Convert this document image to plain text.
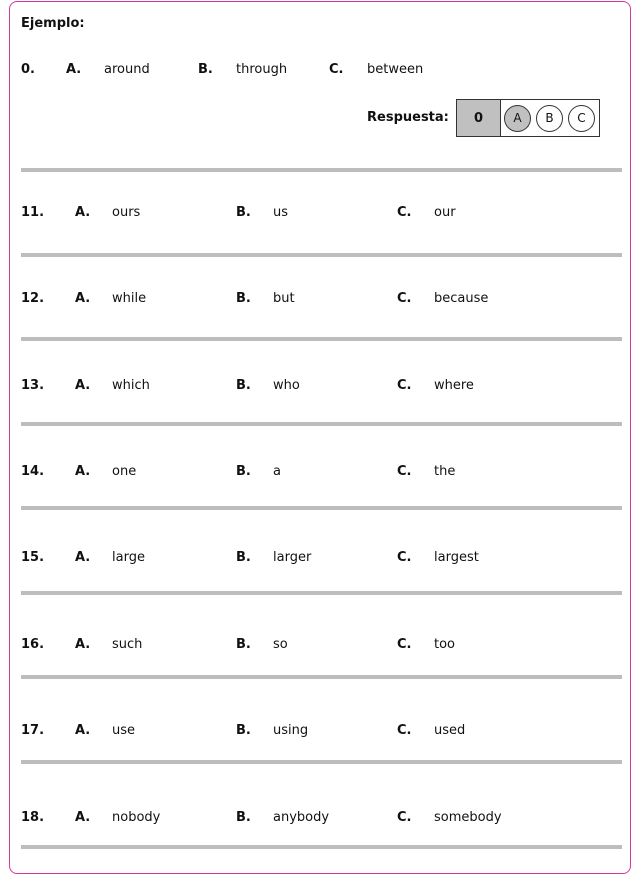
Ejemplo:
0. A. around	B. through	C. between
Respuesta:	0	A	B	C
11. A. ours	B. us	C. our
12. A. while	B. but	C. because
13. A. which	B. who	C. where
14. A. one	B. a	C. the
15. A. large	B. larger	C. largest
16. A. such	B. so	C. too
17. A. use	B. using	C. used
18. A. nobody	B. anybody	C. somebody
